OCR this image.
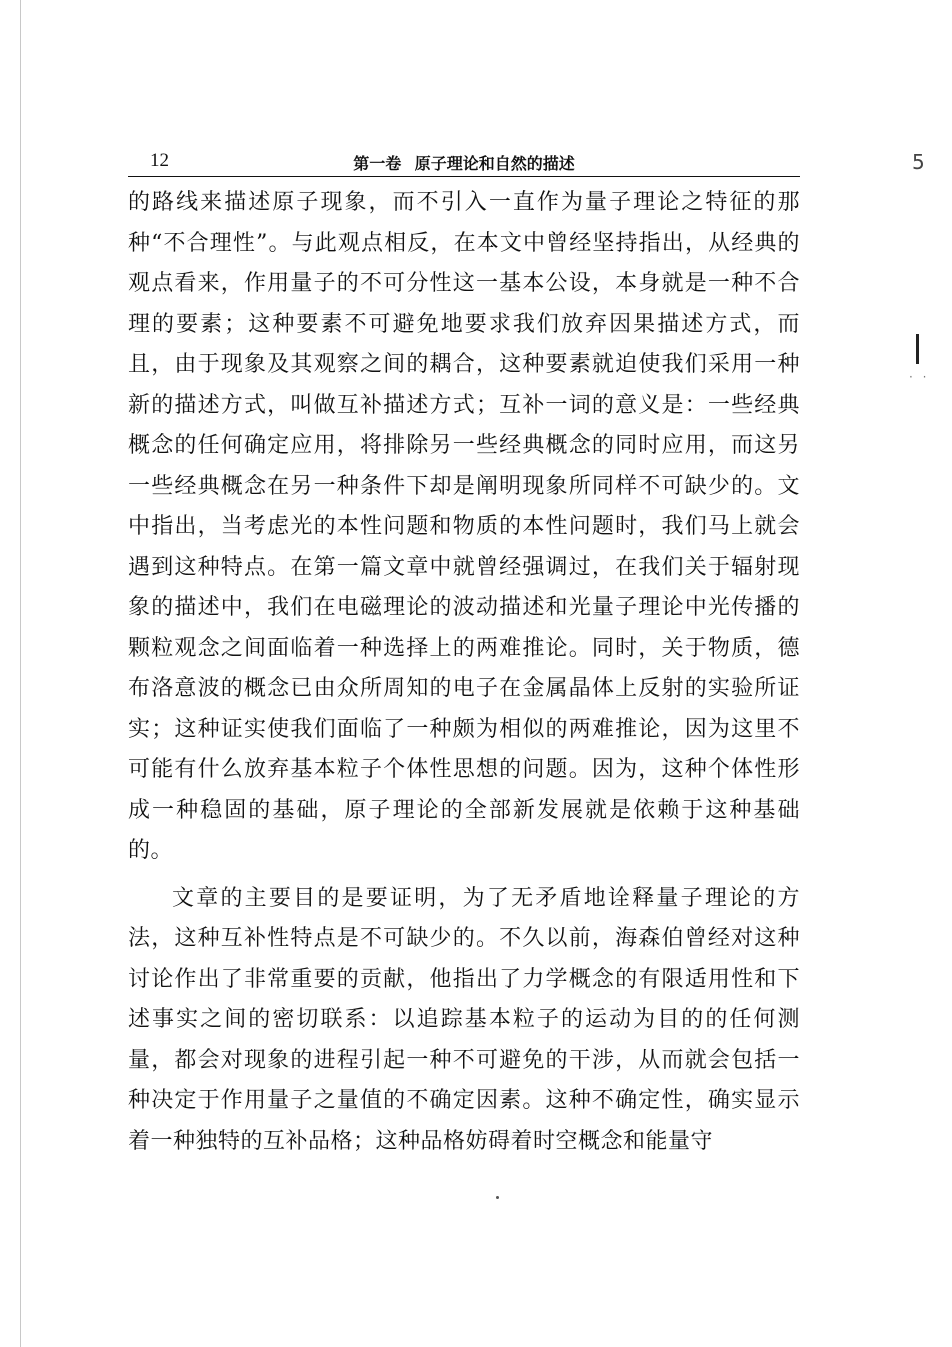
12	第一卷 原子理论和自然的描述

的路线来描述原子现象，而不引入一直作为量子理论之特征的那种“不合理性”。与此观点相反，在本文中曾经坚持指出，从经典的观点看来，作用量子的不可分性这一基本公设，本身就是一种不合理的要素；这种要素不可避免地要求我们放弃因果描述方式，而且，由于现象及其观察之间的耦合，这种要素就迫使我们采用一种新的描述方式，叫做互补描述方式；互补一词的意义是：一些经典概念的任何确定应用，将排除另一些经典概念的同时应用，而这另一些经典概念在另一种条件下却是阐明现象所同样不可缺少的。文中指出，当考虑光的本性问题和物质的本性问题时，我们马上就会遇到这种特点。在第一篇文章中就曾经强调过，在我们关于辐射现象的描述中，我们在电磁理论的波动描述和光量子理论中光传播的颗粒观念之间面临着一种选择上的两难推论。同时，关于物质，德布洛意波的概念已由众所周知的电子在金属晶体上反射的实验所证实；这种证实使我们面临了一种颇为相似的两难推论，因为这里不可能有什么放弃基本粒子个体性思想的问题。因为，这种个体性形成一种稳固的基础，原子理论的全部新发展就是依赖于这种基础的。

文章的主要目的是要证明，为了无矛盾地诠释量子理论的方法，这种互补性特点是不可缺少的。不久以前，海森伯曾经对这种讨论作出了非常重要的贡献，他指出了力学概念的有限适用性和下述事实之间的密切联系：以追踪基本粒子的运动为目的的任何测量，都会对现象的进程引起一种不可避免的干涉，从而就会包括一种决定于作用量子之量值的不确定因素。这种不确定性，确实显示着一种独特的互补品格；这种品格妨碍着时空概念和能量守

5
· ·
